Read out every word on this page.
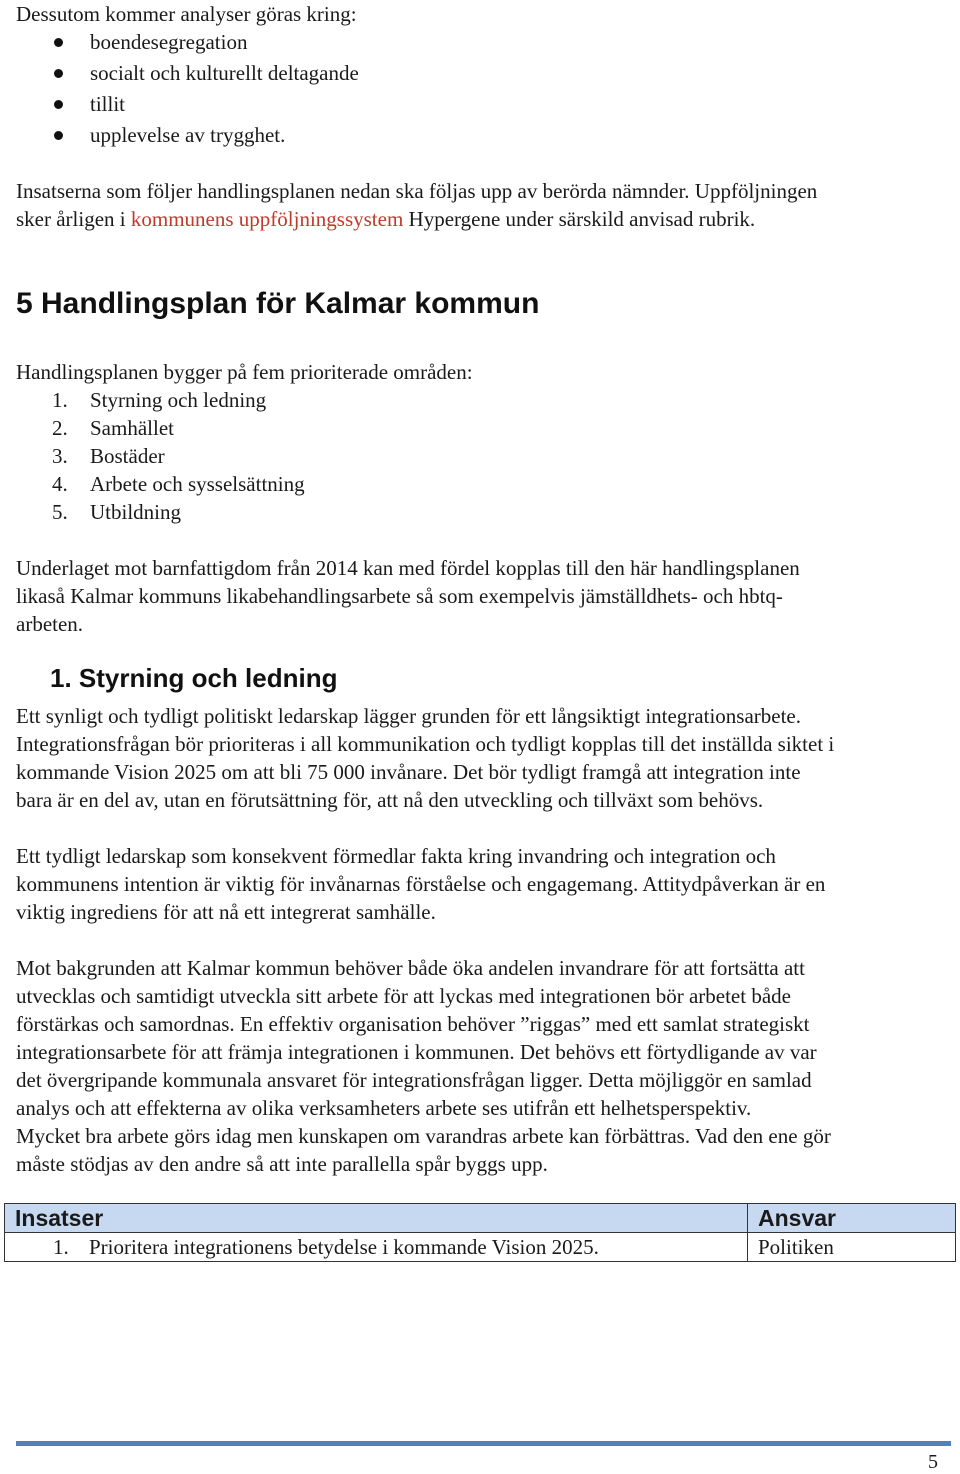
Dessutom kommer analyser göras kring:
boendesegregation
socialt och kulturellt deltagande
tillit
upplevelse av trygghet.
Insatserna som följer handlingsplanen nedan ska följas upp av berörda nämnder. Uppföljningen
sker årligen i kommunens uppföljningssystem Hypergene under särskild anvisad rubrik.
5 Handlingsplan för Kalmar kommun
Handlingsplanen bygger på fem prioriterade områden:
1. Styrning och ledning
2. Samhället
3. Bostäder
4. Arbete och sysselsättning
5. Utbildning
Underlaget mot barnfattigdom från 2014 kan med fördel kopplas till den här handlingsplanen
likaså Kalmar kommuns likabehandlingsarbete så som exempelvis jämställdhets- och hbtq-
arbeten.
1. Styrning och ledning
Ett synligt och tydligt politiskt ledarskap lägger grunden för ett långsiktigt integrationsarbete.
Integrationsfrågan bör prioriteras i all kommunikation och tydligt kopplas till det inställda siktet i
kommande Vision 2025 om att bli 75 000 invånare. Det bör tydligt framgå att integration inte
bara är en del av, utan en förutsättning för, att nå den utveckling och tillväxt som behövs.
Ett tydligt ledarskap som konsekvent förmedlar fakta kring invandring och integration och
kommunens intention är viktig för invånarnas förståelse och engagemang. Attitydpåverkan är en
viktig ingrediens för att nå ett integrerat samhälle.
Mot bakgrunden att Kalmar kommun behöver både öka andelen invandrare för att fortsätta att
utvecklas och samtidigt utveckla sitt arbete för att lyckas med integrationen bör arbetet både
förstärkas och samordnas. En effektiv organisation behöver ”riggas” med ett samlat strategiskt
integrationsarbete för att främja integrationen i kommunen. Det behövs ett förtydligande av var
det övergripande kommunala ansvaret för integrationsfrågan ligger. Detta möjliggör en samlad
analys och att effekterna av olika verksamheters arbete ses utifrån ett helhetsperspektiv.
Mycket bra arbete görs idag men kunskapen om varandras arbete kan förbättras. Vad den ene gör
måste stödjas av den andre så att inte parallella spår byggs upp.
Insatser	Ansvar
1. Prioritera integrationens betydelse i kommande Vision 2025.	Politiken
5
